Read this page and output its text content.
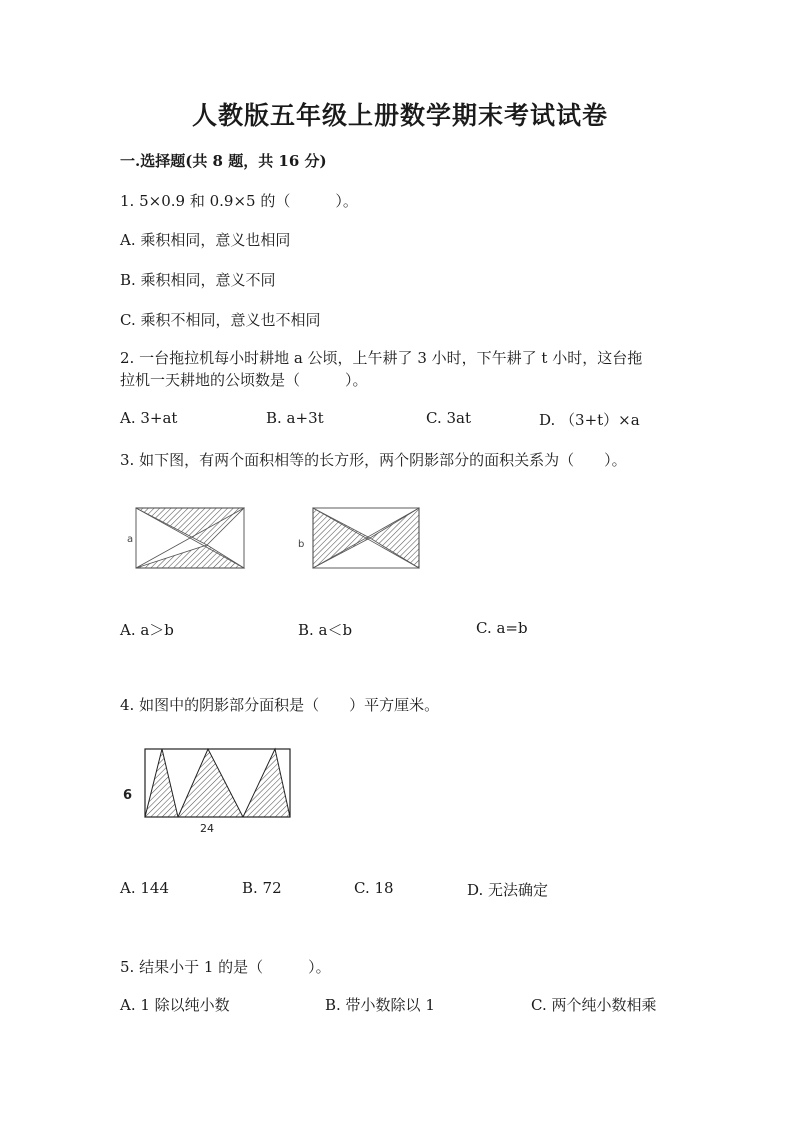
人教版五年级上册数学期末考试试卷
一.选择题(共 8 题，共 16 分)
1. 5×0.9 和 0.9×5 的（　　　）。
A. 乘积相同，意义也相同
B. 乘积相同，意义不同
C. 乘积不相同，意义也不相同
2. 一台拖拉机每小时耕地 a 公顷，上午耕了 3 小时，下午耕了 t 小时，这台拖
拉机一天耕地的公顷数是（　　　）。
A. 3+at	B. a+3t	C. 3at	D. （3+t）×a
3. 如下图，有两个面积相等的长方形，两个阴影部分的面积关系为（　　）。
a	b
6
24
A. a＞b	B. a＜b	C. a=b
4. 如图中的阴影部分面积是（　　）平方厘米。
A. 144	B. 72	C. 18	D. 无法确定
5. 结果小于 1 的是（　　　）。
A. 1 除以纯小数	B. 带小数除以 1	C. 两个纯小数相乘
